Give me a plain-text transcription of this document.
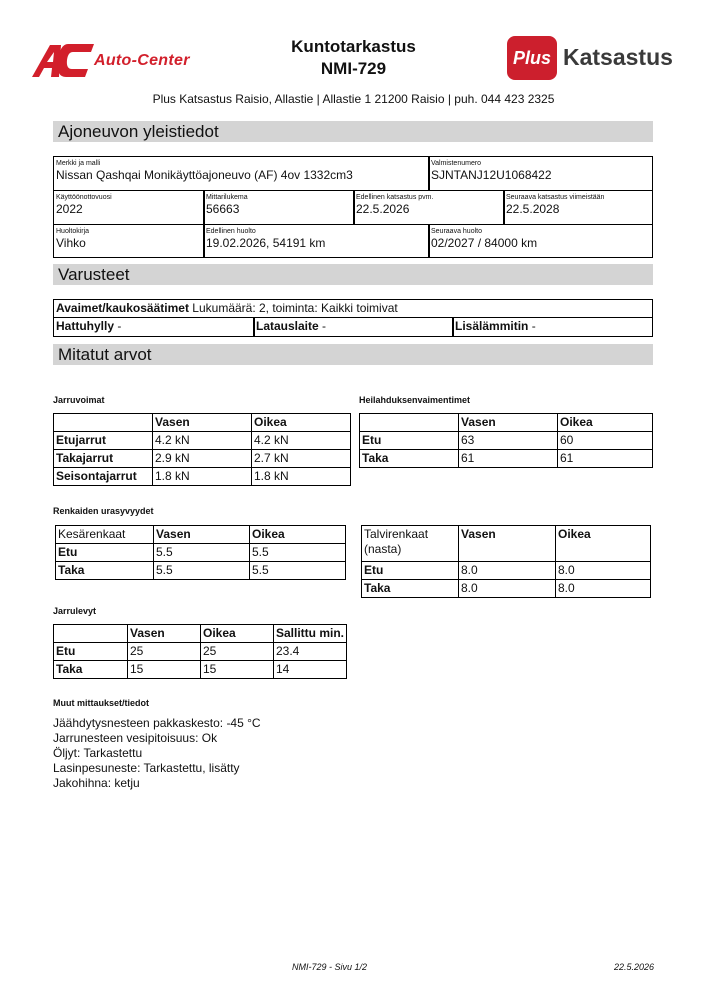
Auto-Center
Kuntotarkastus
NMI-729
Plus Katsastus
Plus Katsastus Raisio, Allastie | Allastie 1 21200 Raisio | puh. 044 423 2325
Ajoneuvon yleistiedot
Merkki ja malli
Nissan Qashqai Monikäyttöajoneuvo (AF) 4ov 1332cm3
Valmistenumero
SJNTANJ12U1068422
Käyttöönottovuosi
2022
Mittarilukema
56663
Edellinen katsastus pvm.
22.5.2026
Seuraava katsastus viimeistään
22.5.2028
Huoltokirja
Vihko
Edellinen huolto
19.02.2026, 54191 km
Seuraava huolto
02/2027 / 84000 km
Varusteet
Avaimet/kaukosäätimet Lukumäärä: 2, toiminta: Kaikki toimivat
Hattuhylly -	Latauslaite -	Lisälämmitin -
Mitatut arvot
Jarruvoimat
	Vasen	Oikea
Etujarrut	4.2 kN	4.2 kN
Takajarrut	2.9 kN	2.7 kN
Seisontajarrut	1.8 kN	1.8 kN
Heilahduksenvaimentimet
	Vasen	Oikea
Etu	63	60
Taka	61	61
Renkaiden urasyvyydet
Kesärenkaat	Vasen	Oikea
Etu	5.5	5.5
Taka	5.5	5.5
Talvirenkaat
(nasta)	Vasen	Oikea
Etu	8.0	8.0
Taka	8.0	8.0
Jarrulevyt
	Vasen	Oikea	Sallittu min.
Etu	25	25	23.4
Taka	15	15	14
Muut mittaukset/tiedot
Jäähdytysnesteen pakkaskesto: -45 °C
Jarrunesteen vesipitoisuus: Ok
Öljyt: Tarkastettu
Lasinpesuneste: Tarkastettu, lisätty
Jakohihna: ketju
NMI-729 - Sivu 1/2	22.5.2026
